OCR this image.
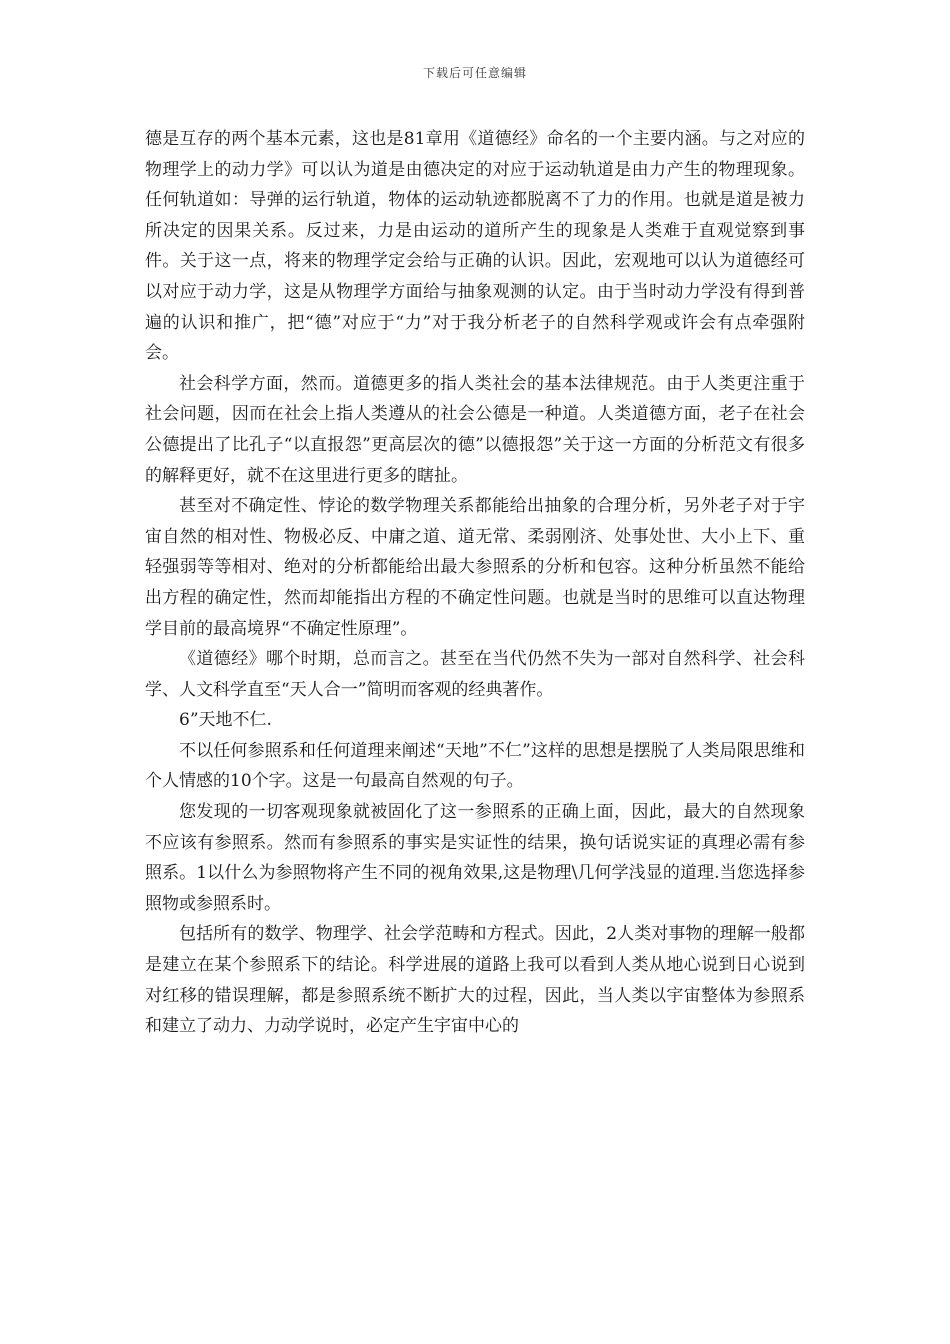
下载后可任意编辑

德是互存的两个基本元素，这也是81章用《道德经》命名的一个主要内涵。与之对应的物理学上的动力学》可以认为道是由德决定的对应于运动轨道是由力产生的物理现象。任何轨道如：导弹的运行轨道，物体的运动轨迹都脱离不了力的作用。也就是道是被力所决定的因果关系。反过来，力是由运动的道所产生的现象是人类难于直观觉察到事件。关于这一点，将来的物理学定会给与正确的认识。因此，宏观地可以认为道德经可以对应于动力学，这是从物理学方面给与抽象观测的认定。由于当时动力学没有得到普遍的认识和推广，把“德”对应于“力”对于我分析老子的自然科学观或许会有点牵强附会。

社会科学方面，然而。道德更多的指人类社会的基本法律规范。由于人类更注重于社会问题，因而在社会上指人类遵从的社会公德是一种道。人类道德方面，老子在社会公德提出了比孔子“以直报怨”更高层次的德”以德报怨”关于这一方面的分析范文有很多的解释更好，就不在这里进行更多的瞎扯。

甚至对不确定性、悖论的数学物理关系都能给出抽象的合理分析，另外老子对于宇宙自然的相对性、物极必反、中庸之道、道无常、柔弱刚济、处事处世、大小上下、重轻强弱等等相对、绝对的分析都能给出最大参照系的分析和包容。这种分析虽然不能给出方程的确定性，然而却能指出方程的不确定性问题。也就是当时的思维可以直达物理学目前的最高境界“不确定性原理”。

《道德经》哪个时期，总而言之。甚至在当代仍然不失为一部对自然科学、社会科学、人文科学直至“天人合一”简明而客观的经典著作。

6”天地不仁.

不以任何参照系和任何道理来阐述“天地”不仁”这样的思想是摆脱了人类局限思维和个人情感的10个字。这是一句最高自然观的句子。

您发现的一切客观现象就被固化了这一参照系的正确上面，因此，最大的自然现象不应该有参照系。然而有参照系的事实是实证性的结果，换句话说实证的真理必需有参照系。1以什么为参照物将产生不同的视角效果,这是物理\几何学浅显的道理.当您选择参照物或参照系时。

包括所有的数学、物理学、社会学范畴和方程式。因此，2人类对事物的理解一般都是建立在某个参照系下的结论。科学进展的道路上我可以看到人类从地心说到日心说到对红移的错误理解，都是参照系统不断扩大的过程，因此，当人类以宇宙整体为参照系和建立了动力、力动学说时，必定产生宇宙中心的
